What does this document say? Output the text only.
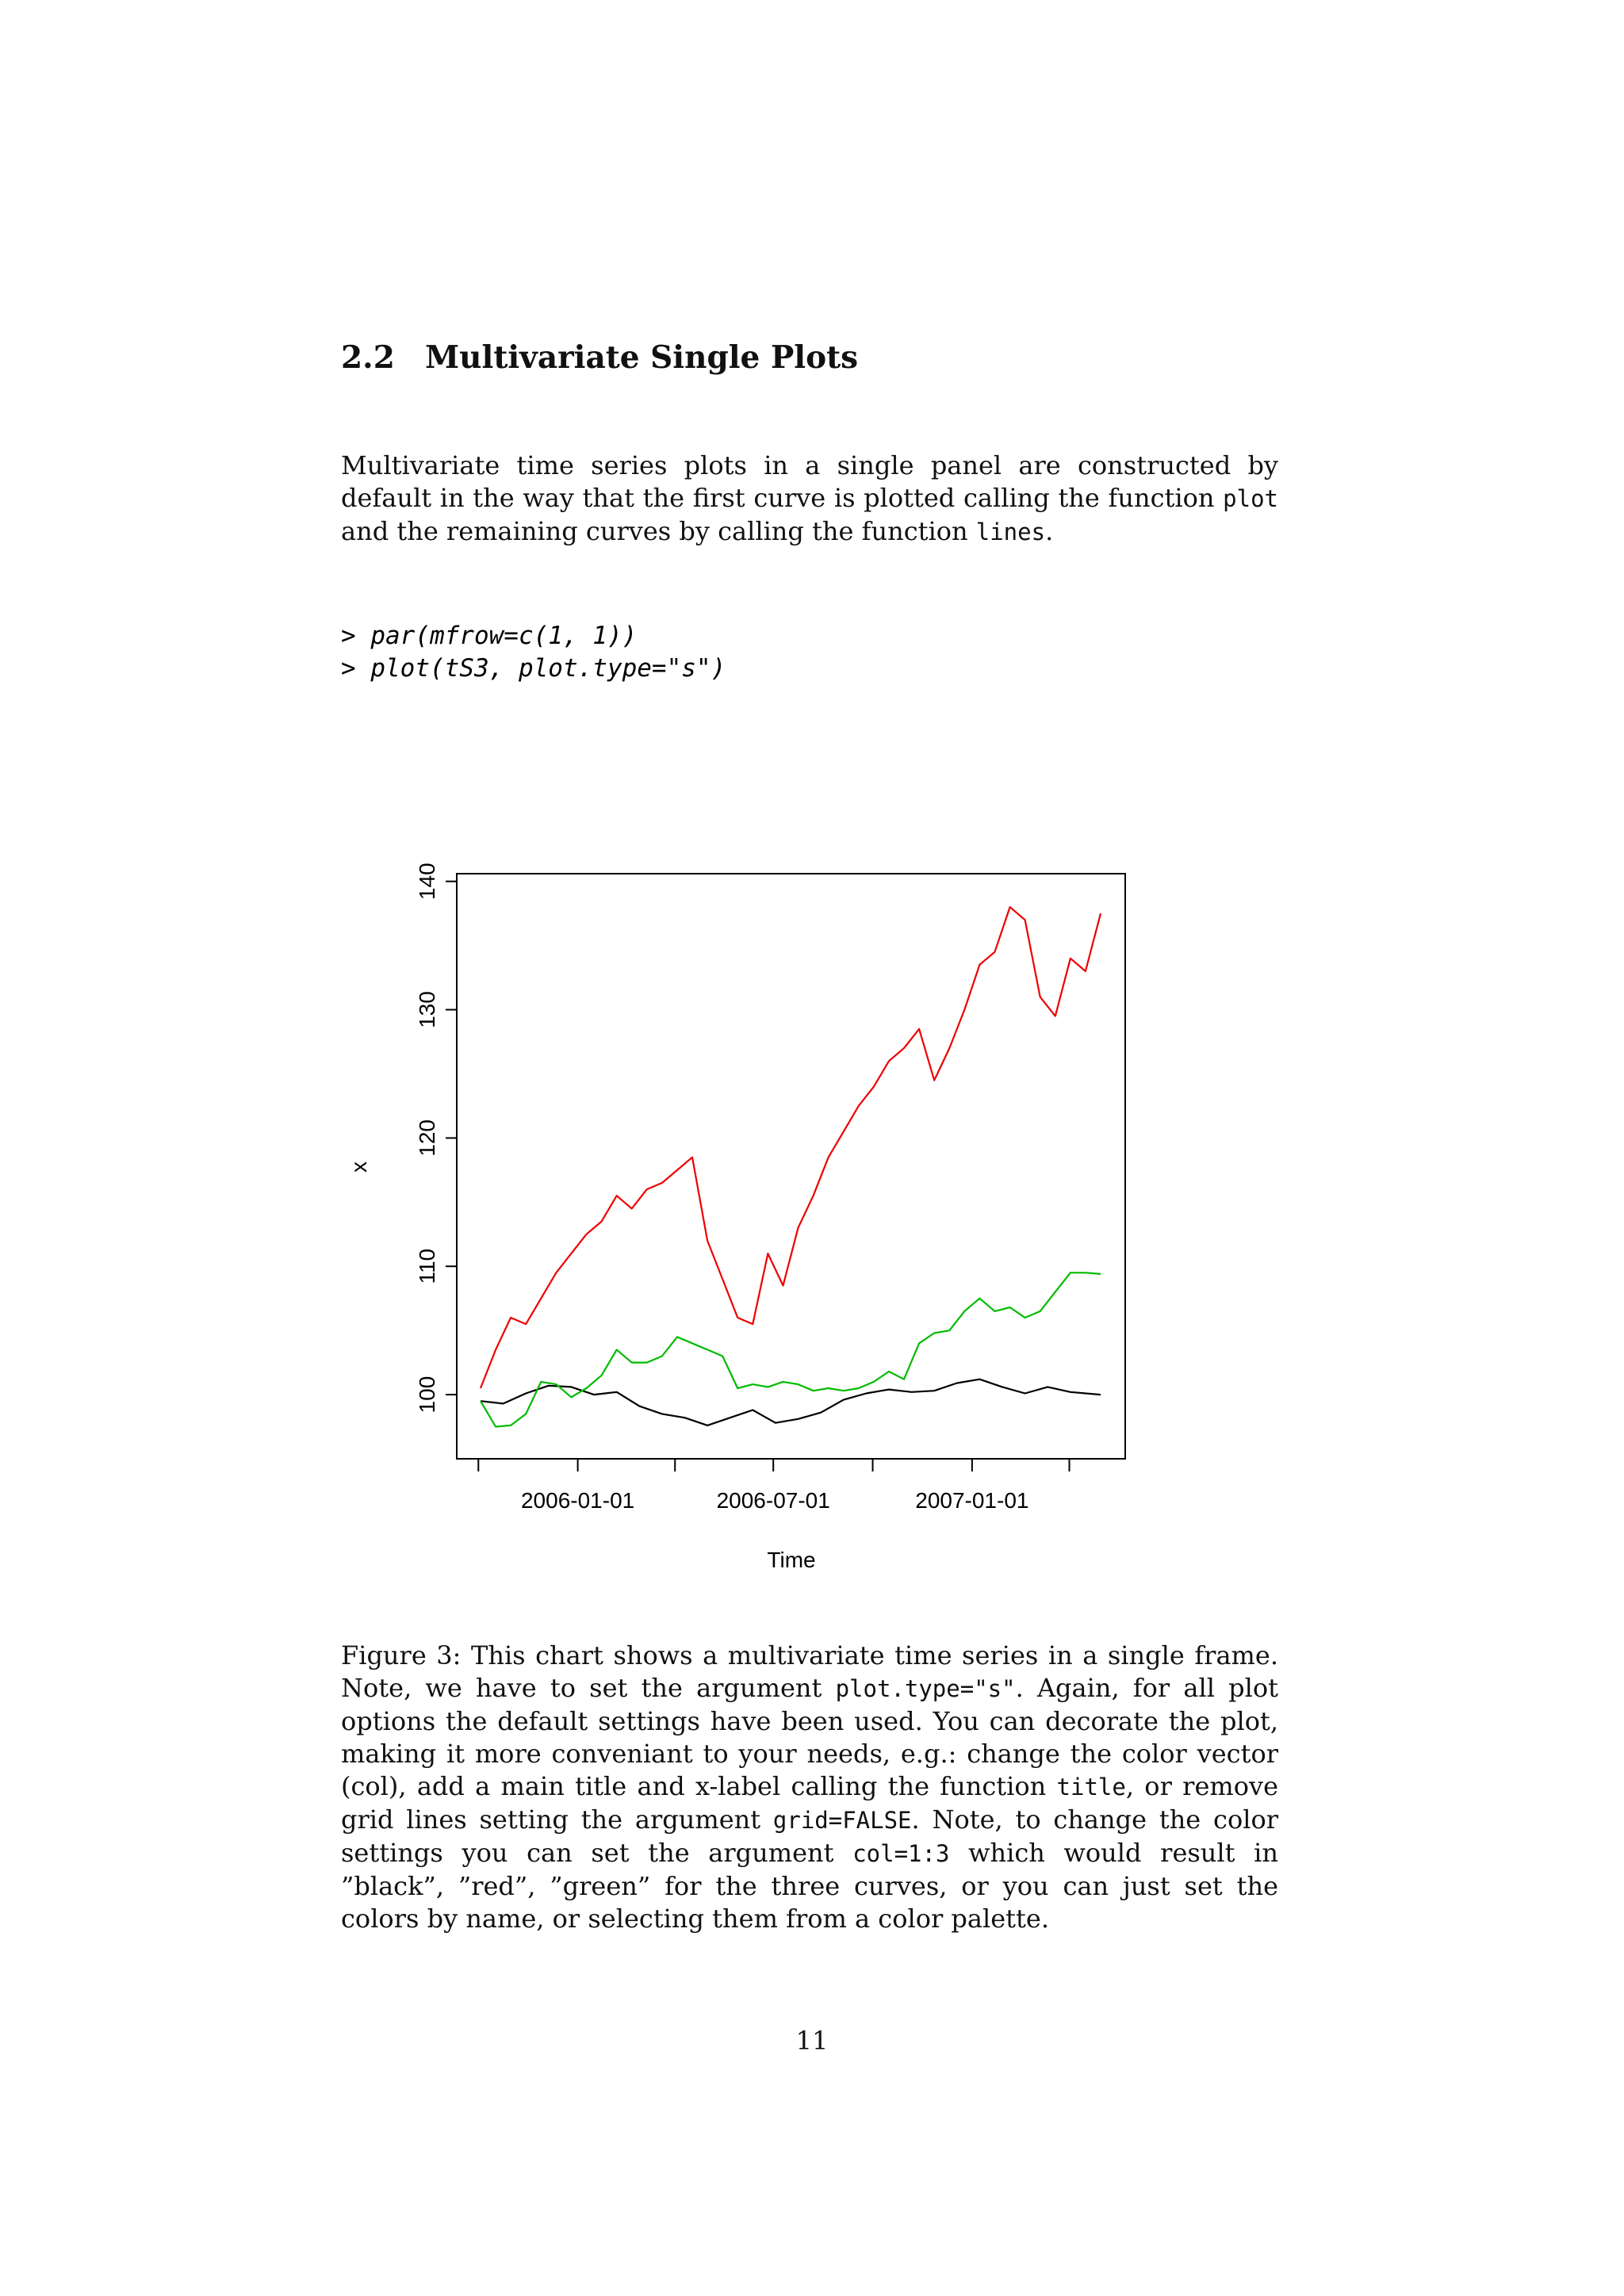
2.2 Multivariate Single Plots

Multivariate time series plots in a single panel are constructed by default in the way that the first curve is plotted calling the function plot and the remaining curves by calling the function lines.

> par(mfrow=c(1, 1))
> plot(tS3, plot.type="s")
100
110
120
130
140
2006-01-01	2006-07-01	2007-01-01
Time
x

Figure 3: This chart shows a multivariate time series in a single frame. Note, we have to set the argument plot.type="s". Again, for all plot options the default settings have been used. You can decorate the plot, making it more conveniant to your needs, e.g.: change the color vector (col), add a main title and x-label calling the function title, or remove grid lines setting the argument grid=FALSE. Note, to change the color settings you can set the argument col=1:3 which would result in ”black”, ”red”, ”green” for the three curves, or you can just set the colors by name, or selecting them from a color palette.

11
